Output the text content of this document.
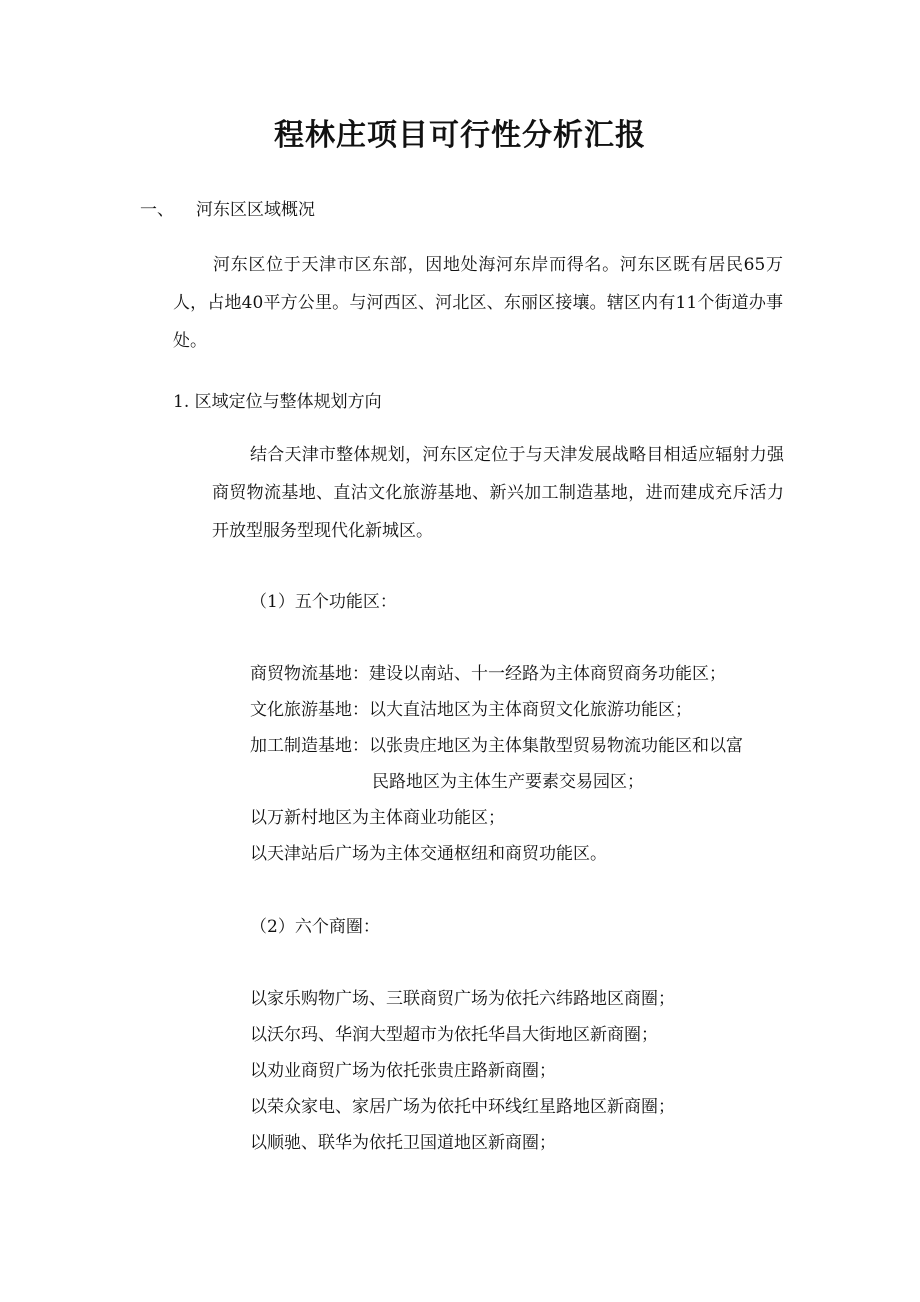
程林庄项目可行性分析汇报
一、 河东区区域概况
河东区位于天津市区东部，因地处海河东岸而得名。河东区既有居民65万人，占地40平方公里。与河西区、河北区、东丽区接壤。辖区内有11个街道办事处。
1. 区域定位与整体规划方向
结合天津市整体规划，河东区定位于与天津发展战略目相适应辐射力强商贸物流基地、直沽文化旅游基地、新兴加工制造基地，进而建成充斥活力开放型服务型现代化新城区。
（1）五个功能区：
商贸物流基地：建设以南站、十一经路为主体商贸商务功能区；
文化旅游基地：以大直沽地区为主体商贸文化旅游功能区；
加工制造基地：以张贵庄地区为主体集散型贸易物流功能区和以富
民路地区为主体生产要素交易园区；
以万新村地区为主体商业功能区；
以天津站后广场为主体交通枢纽和商贸功能区。
（2）六个商圈：
以家乐购物广场、三联商贸广场为依托六纬路地区商圈；
以沃尔玛、华润大型超市为依托华昌大街地区新商圈；
以劝业商贸广场为依托张贵庄路新商圈；
以荣众家电、家居广场为依托中环线红星路地区新商圈；
以顺驰、联华为依托卫国道地区新商圈；
